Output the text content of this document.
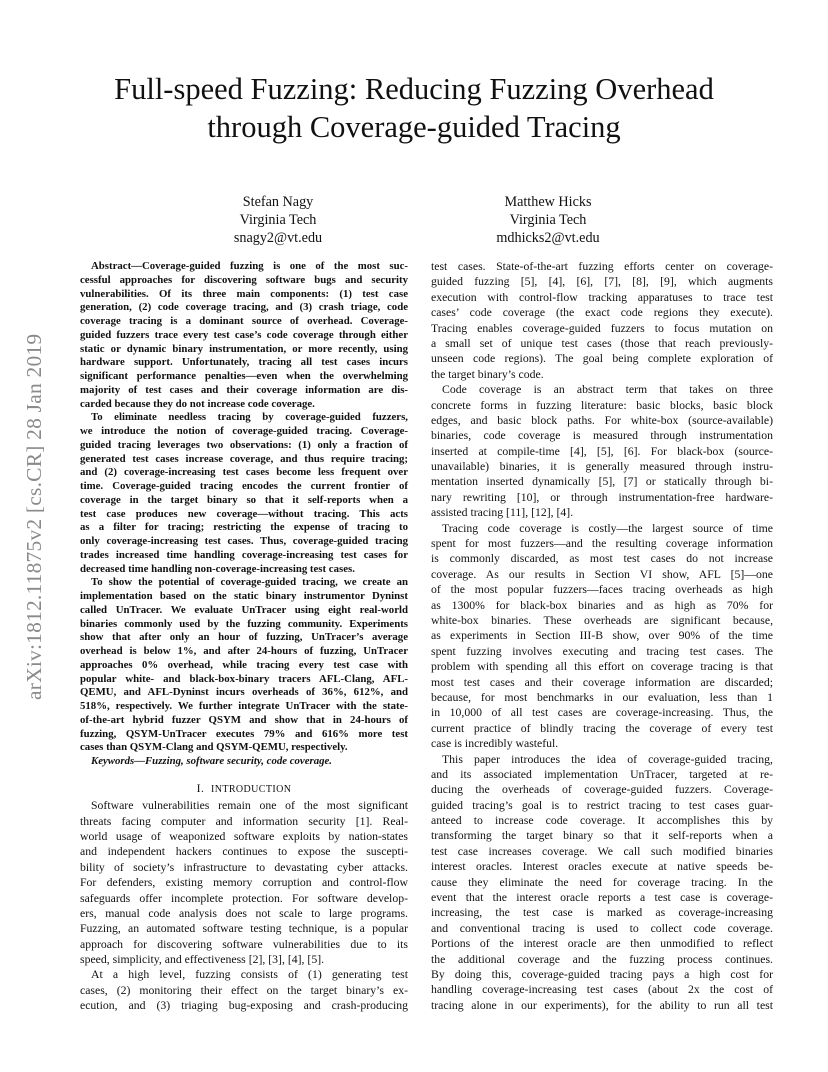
arXiv:1812.11875v2 [cs.CR] 28 Jan 2019
Full-speed Fuzzing: Reducing Fuzzing Overhead
through Coverage-guided Tracing
Stefan Nagy
Virginia Tech
snagy2@vt.edu
Matthew Hicks
Virginia Tech
mdhicks2@vt.edu
Abstract—Coverage-guided fuzzing is one of the most suc-
cessful approaches for discovering software bugs and security
vulnerabilities. Of its three main components: (1) test case
generation, (2) code coverage tracing, and (3) crash triage, code
coverage tracing is a dominant source of overhead. Coverage-
guided fuzzers trace every test case’s code coverage through either
static or dynamic binary instrumentation, or more recently, using
hardware support. Unfortunately, tracing all test cases incurs
significant performance penalties—even when the overwhelming
majority of test cases and their coverage information are dis-
carded because they do not increase code coverage.
To eliminate needless tracing by coverage-guided fuzzers,
we introduce the notion of coverage-guided tracing. Coverage-
guided tracing leverages two observations: (1) only a fraction of
generated test cases increase coverage, and thus require tracing;
and (2) coverage-increasing test cases become less frequent over
time. Coverage-guided tracing encodes the current frontier of
coverage in the target binary so that it self-reports when a
test case produces new coverage—without tracing. This acts
as a filter for tracing; restricting the expense of tracing to
only coverage-increasing test cases. Thus, coverage-guided tracing
trades increased time handling coverage-increasing test cases for
decreased time handling non-coverage-increasing test cases.
To show the potential of coverage-guided tracing, we create an
implementation based on the static binary instrumentor Dyninst
called UnTracer. We evaluate UnTracer using eight real-world
binaries commonly used by the fuzzing community. Experiments
show that after only an hour of fuzzing, UnTracer’s average
overhead is below 1%, and after 24-hours of fuzzing, UnTracer
approaches 0% overhead, while tracing every test case with
popular white- and black-box-binary tracers AFL-Clang, AFL-
QEMU, and AFL-Dyninst incurs overheads of 36%, 612%, and
518%, respectively. We further integrate UnTracer with the state-
of-the-art hybrid fuzzer QSYM and show that in 24-hours of
fuzzing, QSYM-UnTracer executes 79% and 616% more test
cases than QSYM-Clang and QSYM-QEMU, respectively.
Keywords—Fuzzing, software security, code coverage.
I. INTRODUCTION
Software vulnerabilities remain one of the most significant
threats facing computer and information security [1]. Real-
world usage of weaponized software exploits by nation-states
and independent hackers continues to expose the suscepti-
bility of society’s infrastructure to devastating cyber attacks.
For defenders, existing memory corruption and control-flow
safeguards offer incomplete protection. For software develop-
ers, manual code analysis does not scale to large programs.
Fuzzing, an automated software testing technique, is a popular
approach for discovering software vulnerabilities due to its
speed, simplicity, and effectiveness [2], [3], [4], [5].
At a high level, fuzzing consists of (1) generating test
cases, (2) monitoring their effect on the target binary’s ex-
ecution, and (3) triaging bug-exposing and crash-producing
test cases. State-of-the-art fuzzing efforts center on coverage-
guided fuzzing [5], [4], [6], [7], [8], [9], which augments
execution with control-flow tracking apparatuses to trace test
cases’ code coverage (the exact code regions they execute).
Tracing enables coverage-guided fuzzers to focus mutation on
a small set of unique test cases (those that reach previously-
unseen code regions). The goal being complete exploration of
the target binary’s code.
Code coverage is an abstract term that takes on three
concrete forms in fuzzing literature: basic blocks, basic block
edges, and basic block paths. For white-box (source-available)
binaries, code coverage is measured through instrumentation
inserted at compile-time [4], [5], [6]. For black-box (source-
unavailable) binaries, it is generally measured through instru-
mentation inserted dynamically [5], [7] or statically through bi-
nary rewriting [10], or through instrumentation-free hardware-
assisted tracing [11], [12], [4].
Tracing code coverage is costly—the largest source of time
spent for most fuzzers—and the resulting coverage information
is commonly discarded, as most test cases do not increase
coverage. As our results in Section VI show, AFL [5]—one
of the most popular fuzzers—faces tracing overheads as high
as 1300% for black-box binaries and as high as 70% for
white-box binaries. These overheads are significant because,
as experiments in Section III-B show, over 90% of the time
spent fuzzing involves executing and tracing test cases. The
problem with spending all this effort on coverage tracing is that
most test cases and their coverage information are discarded;
because, for most benchmarks in our evaluation, less than 1
in 10,000 of all test cases are coverage-increasing. Thus, the
current practice of blindly tracing the coverage of every test
case is incredibly wasteful.
This paper introduces the idea of coverage-guided tracing,
and its associated implementation UnTracer, targeted at re-
ducing the overheads of coverage-guided fuzzers. Coverage-
guided tracing’s goal is to restrict tracing to test cases guar-
anteed to increase code coverage. It accomplishes this by
transforming the target binary so that it self-reports when a
test case increases coverage. We call such modified binaries
interest oracles. Interest oracles execute at native speeds be-
cause they eliminate the need for coverage tracing. In the
event that the interest oracle reports a test case is coverage-
increasing, the test case is marked as coverage-increasing
and conventional tracing is used to collect code coverage.
Portions of the interest oracle are then unmodified to reflect
the additional coverage and the fuzzing process continues.
By doing this, coverage-guided tracing pays a high cost for
handling coverage-increasing test cases (about 2x the cost of
tracing alone in our experiments), for the ability to run all test
